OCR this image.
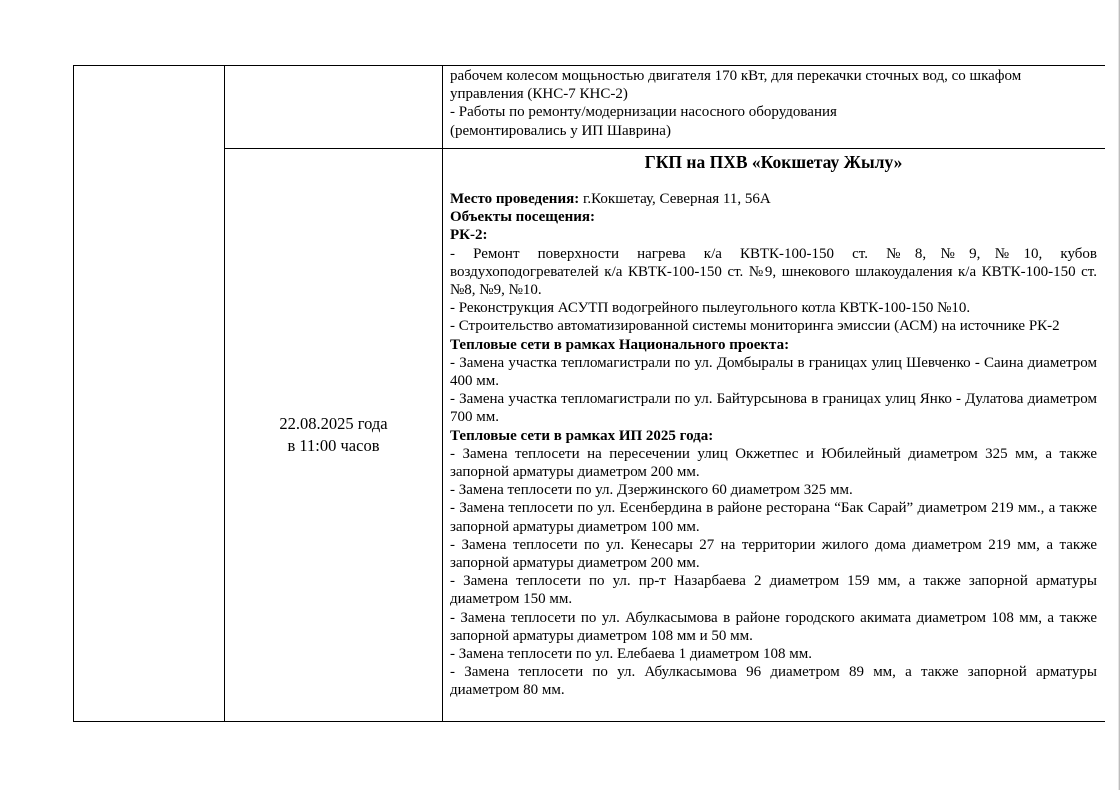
рабочем колесом мощьностью двигателя 170 кВт, для перекачки сточных вод, со шкафом

управления (КНС-7 КНС-2)

- Работы по ремонту/модернизации насосного оборудования

(ремонтировались у ИП Шаврина)

22.08.2025 года
в 11:00 часов

ГКП на ПХВ «Кокшетау Жылу»

Место проведения: г.Кокшетау, Северная 11, 56А

Объекты посещения:

РК-2:

- Ремонт поверхности нагрева к/а КВТК-100-150 ст. №8,№9,№10, кубов
воздухоподогревателей к/а КВТК-100-150 ст. №9, шнекового шлакоудаления к/а КВТК-100-150 ст. №8, №9, №10.

- Реконструкция АСУТП водогрейного пылеугольного котла КВТК-100-150 №10.

- Строительство автоматизированной системы мониторинга эмиссии (АСМ) на источнике РК-2

Тепловые сети в рамках Национального проекта:

- Замена участка тепломагистрали по ул. Домбыралы в границах улиц Шевченко - Саина диаметром 400 мм.

- Замена участка тепломагистрали по ул. Байтурсынова в границах улиц Янко - Дулатова диаметром 700 мм.

Тепловые сети в рамках ИП 2025 года:

- Замена теплосети на пересечении улиц Окжетпес и Юбилейный диаметром 325 мм, а также запорной арматуры диаметром 200 мм.

- Замена теплосети по ул. Дзержинского 60 диаметром 325 мм.

- Замена теплосети по ул. Есенбердина в районе ресторана “Бак Сарай” диаметром 219 мм., а также запорной арматуры диаметром 100 мм.

- Замена теплосети по ул. Кенесары 27 на территории жилого дома диаметром 219 мм, а также запорной арматуры диаметром 200 мм.

- Замена теплосети по ул. пр-т Назарбаева 2 диаметром 159 мм, а также запорной арматуры диаметром 150 мм.

- Замена теплосети по ул. Абулкасымова в районе городского акимата диаметром 108 мм, а также запорной арматуры диаметром 108 мм и 50 мм.

- Замена теплосети по ул. Елебаева 1 диаметром 108 мм.

- Замена теплосети по ул. Абулкасымова 96 диаметром 89 мм, а также запорной арматуры диаметром 80 мм.
